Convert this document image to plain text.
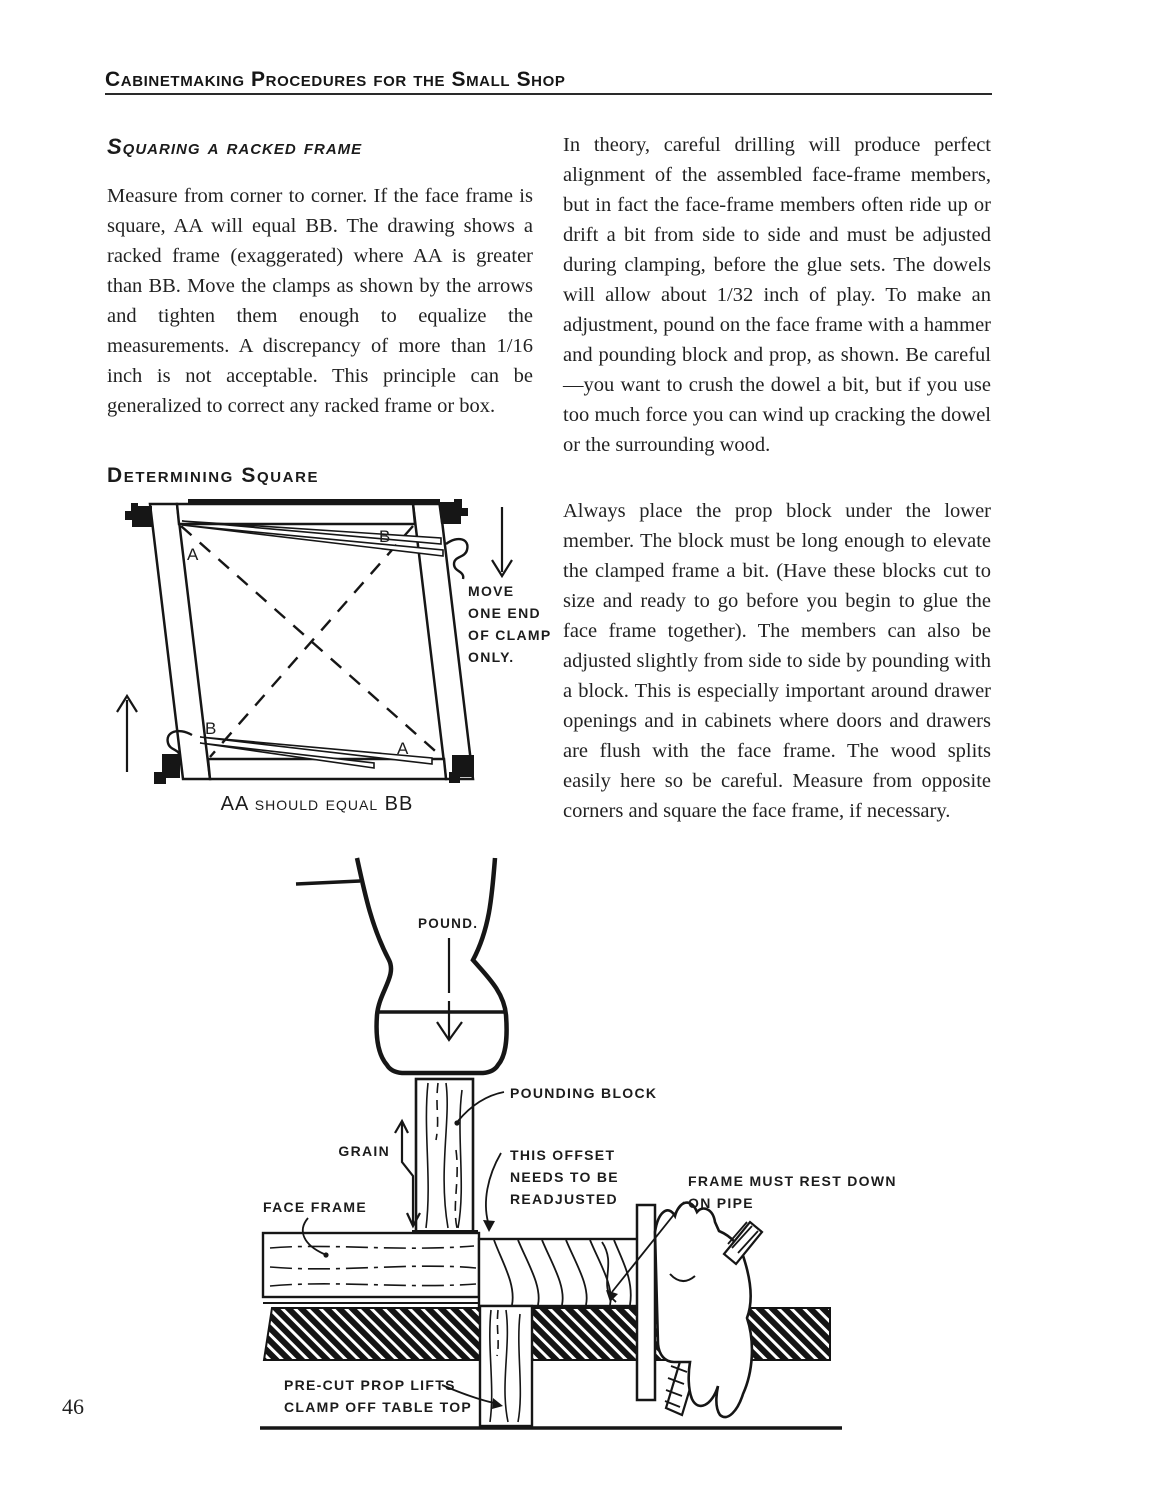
Cabinetmaking Procedures for the Small Shop
Squaring a racked frame
Measure from corner to corner. If the face frame is square, AA will equal BB. The drawing shows a racked frame (exaggerated) where AA is greater than BB. Move the clamps as shown by the arrows and tighten them enough to equalize the measurements. A discrepancy of more than 1/16 inch is not acceptable. This principle can be generalized to correct any racked frame or box.
In theory, careful drilling will produce perfect alignment of the assembled face-frame members, but in fact the face-frame members often ride up or drift a bit from side to side and must be adjusted during clamping, before the glue sets. The dowels will allow about 1/32 inch of play. To make an adjustment, pound on the face frame with a hammer and pounding block and prop, as shown. Be careful—you want to crush the dowel a bit, but if you use too much force you can wind up cracking the dowel or the surrounding wood.
Always place the prop block under the lower member. The block must be long enough to elevate the clamped frame a bit. (Have these blocks cut to size and ready to go before you begin to glue the face frame together). The members can also be adjusted slightly from side to side by pounding with a block. This is especially important around drawer openings and in cabinets where doors and drawers are flush with the face frame. The wood splits easily here so be careful. Measure from opposite corners and square the face frame, if necessary.
Determining Square
A
B
B
A
MOVE
ONE END
OF CLAMP
ONLY.
AA should equal BB
POUND.
GRAIN
POUNDING BLOCK
THIS OFFSET
NEEDS TO BE
READJUSTED
FACE FRAME
FRAME MUST REST DOWN
ON PIPE
PRE-CUT PROP LIFTS
CLAMP OFF TABLE TOP
46
